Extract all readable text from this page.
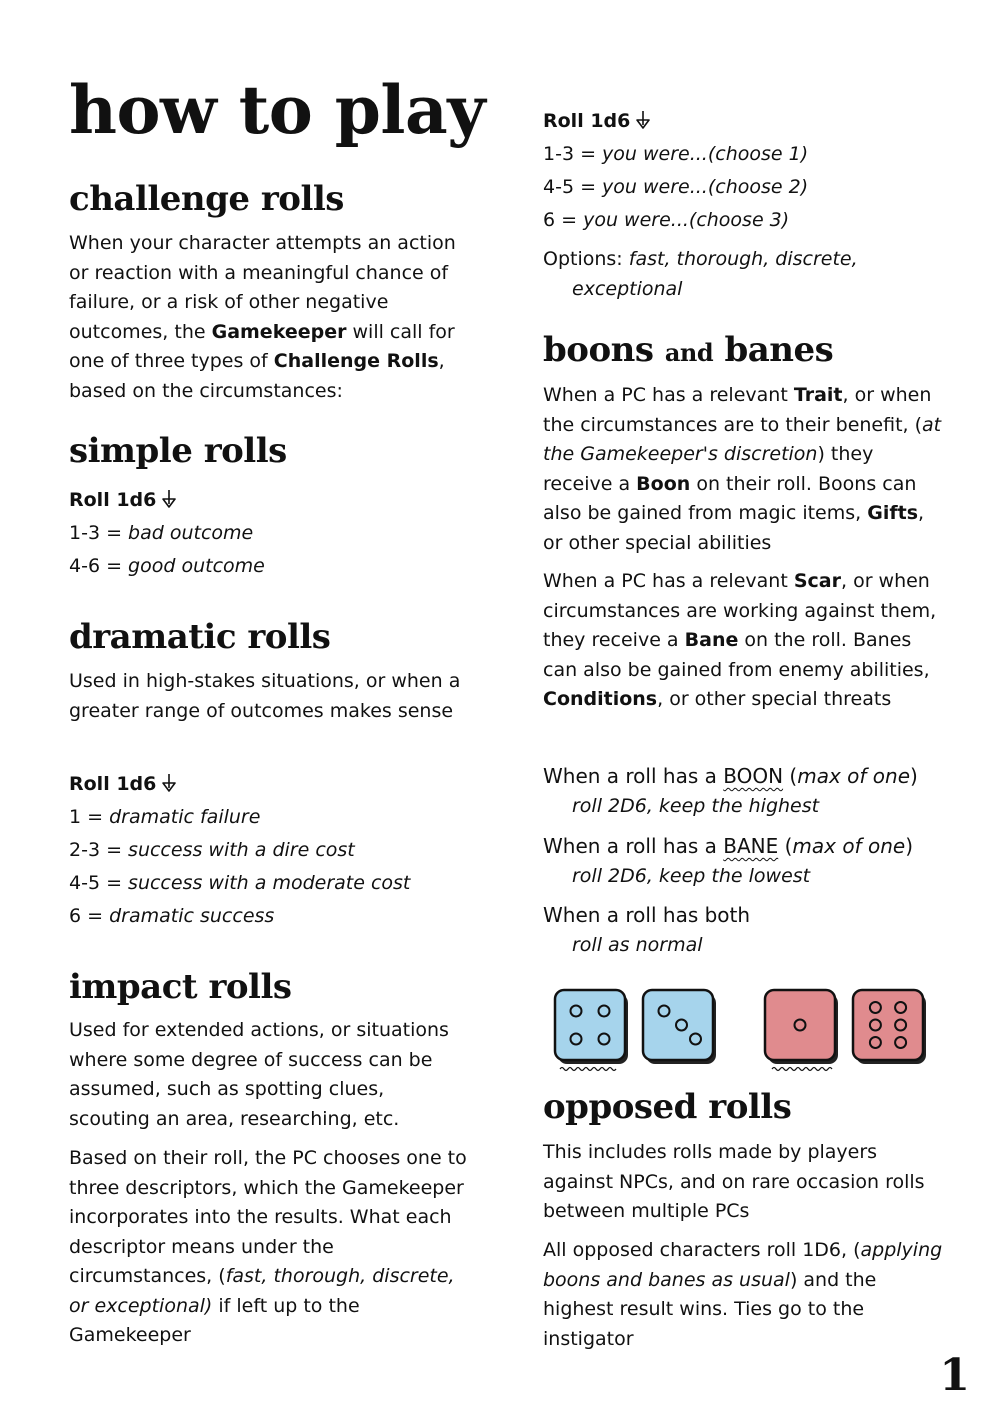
how to play
challenge rolls

When your character attempts an action or reaction with a meaningful chance of failure, or a risk of other negative outcomes, the Gamekeeper will call for one of three types of Challenge Rolls, based on the circumstances:

simple rolls
Roll 1d6
1-3 = bad outcome
4-6 = good outcome
dramatic rolls

Used in high-stakes situations, or when a greater range of outcomes makes sense

Roll 1d6
1 = dramatic failure
2-3 = success with a dire cost
4-5 = success with a moderate cost
6 = dramatic success
impact rolls

Used for extended actions, or situations where some degree of success can be assumed, such as spotting clues, scouting an area, researching, etc.

Based on their roll, the PC chooses one to three descriptors, which the Gamekeeper incorporates into the results. What each descriptor means under the circumstances, (fast, thorough, discrete, or exceptional) if left up to the Gamekeeper

Roll 1d6
1-3 = you were...(choose 1)
4-5 = you were...(choose 2)
6 = you were...(choose 3)

Options: fast, thorough, discrete,

exceptional

boons and banes

When a PC has a relevant Trait, or when the circumstances are to their benefit, (at the Gamekeeper's discretion) they receive a Boon on their roll. Boons can also be gained from magic items, Gifts, or other special abilities

When a PC has a relevant Scar, or when circumstances are working against them, they receive a Bane on the roll. Banes can also be gained from enemy abilities, Conditions, or other special threats

When a roll has a BOON (max of one)

roll 2D6, keep the highest

When a roll has a BANE (max of one)

roll 2D6, keep the lowest

When a roll has both

roll as normal

opposed rolls

This includes rolls made by players against NPCs, and on rare occasion rolls between multiple PCs

All opposed characters roll 1D6, (applying boons and banes as usual) and the highest result wins. Ties go to the instigator

1
